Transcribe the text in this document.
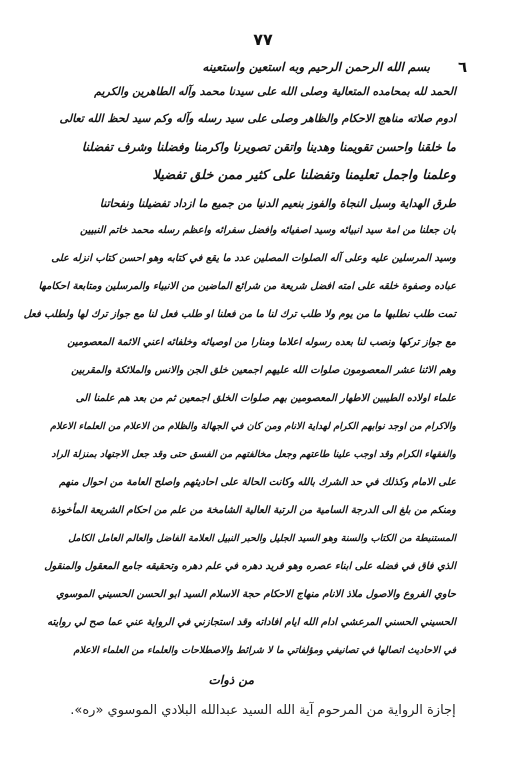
٧٧
٦
بسم الله الرحمن الرحيم وبه استعين واستعينه
الحمد لله بمحامده المتعالية وصلى الله على سيدنا محمد وآله الطاهرين والكريم
ادوم صلاته مناهج الاحكام والظاهر وصلى على سيد رسله وآله وكم سيد لحظ الله تعالى
ما خلقنا واحسن تقويمنا وهدينا واتقن تصويرنا واكرمنا وفضلنا وشرف تفضلنا
وعلمنا واجمل تعليمنا وتفضلنا على كثير ممن خلق تفضيلا
طرق الهداية وسبل النجاة والفوز بنعيم الدنيا من جميع ما ازداد تفضيلنا ونفحاتنا
بان جعلنا من امة سيد انبيائه وسيد اصفيائه وافضل سفرائه واعظم رسله محمد خاتم النبيين
وسيد المرسلين عليه وعلى آله الصلوات المصلين عدد ما يقع في كتابه وهو احسن كتاب انزله على
عباده وصفوة خلقه على امته افضل شريعة من شرائع الماضين من الانبياء والمرسلين ومتابعة احكامها
تمت طلب نطلبها ما من يوم ولا طلب ترك لنا ما من فعلنا او طلب فعل لنا مع جواز ترك لها ولطلب فعل
مع جواز تركها ونصب لنا بعده رسوله اعلاما ومنارا من اوصيائه وخلفائه اعني الائمة المعصومين
وهم الاثنا عشر المعصومون صلوات الله عليهم اجمعين خلق الجن والانس والملائكة والمقربين
علماء اولاده الطيبين الاطهار المعصومين بهم صلوات الخلق اجمعين ثم من بعد هم علمنا الى
والاكرام من اوجد نوابهم الكرام لهداية الانام ومن كان في الجهالة والظلام من الاعلام من العلماء الاعلام
والفقهاء الكرام وقد اوجب علينا طاعتهم وجعل مخالفتهم من الفسق حتى وقد جعل الاجتهاد بمنزلة الراد
على الامام وكذلك في حد الشرك بالله وكانت الحالة على احاديثهم واصلح العامة من احوال منهم
ومنكم من بلغ الى الدرجة السامية من الرتبة العالية الشامخة من علم من احكام الشريعة المأخوذة
المستنبطة من الكتاب والسنة وهو السيد الجليل والحبر النبيل العلامة الفاضل والعالم العامل الكامل
الذي فاق في فضله على ابناء عصره وهو فريد دهره في علم دهره وتحقيقه جامع المعقول والمنقول
حاوي الفروع والاصول ملاذ الانام منهاج الاحكام حجة الاسلام السيد ابو الحسن الحسيني الموسوي
الحسيني الحسني المرعشي ادام الله ايام افاداته وقد استجازني في الرواية عني عما صح لي روايته
في الاحاديث اتصالها في تصانيفي ومؤلفاتي ما لا شرائط والاصطلاحات والعلماء من العلماء الاعلام
من ذوات
إجازة الرواية من المرحوم آية الله السيد عبدالله البلادي الموسوي «ره».
